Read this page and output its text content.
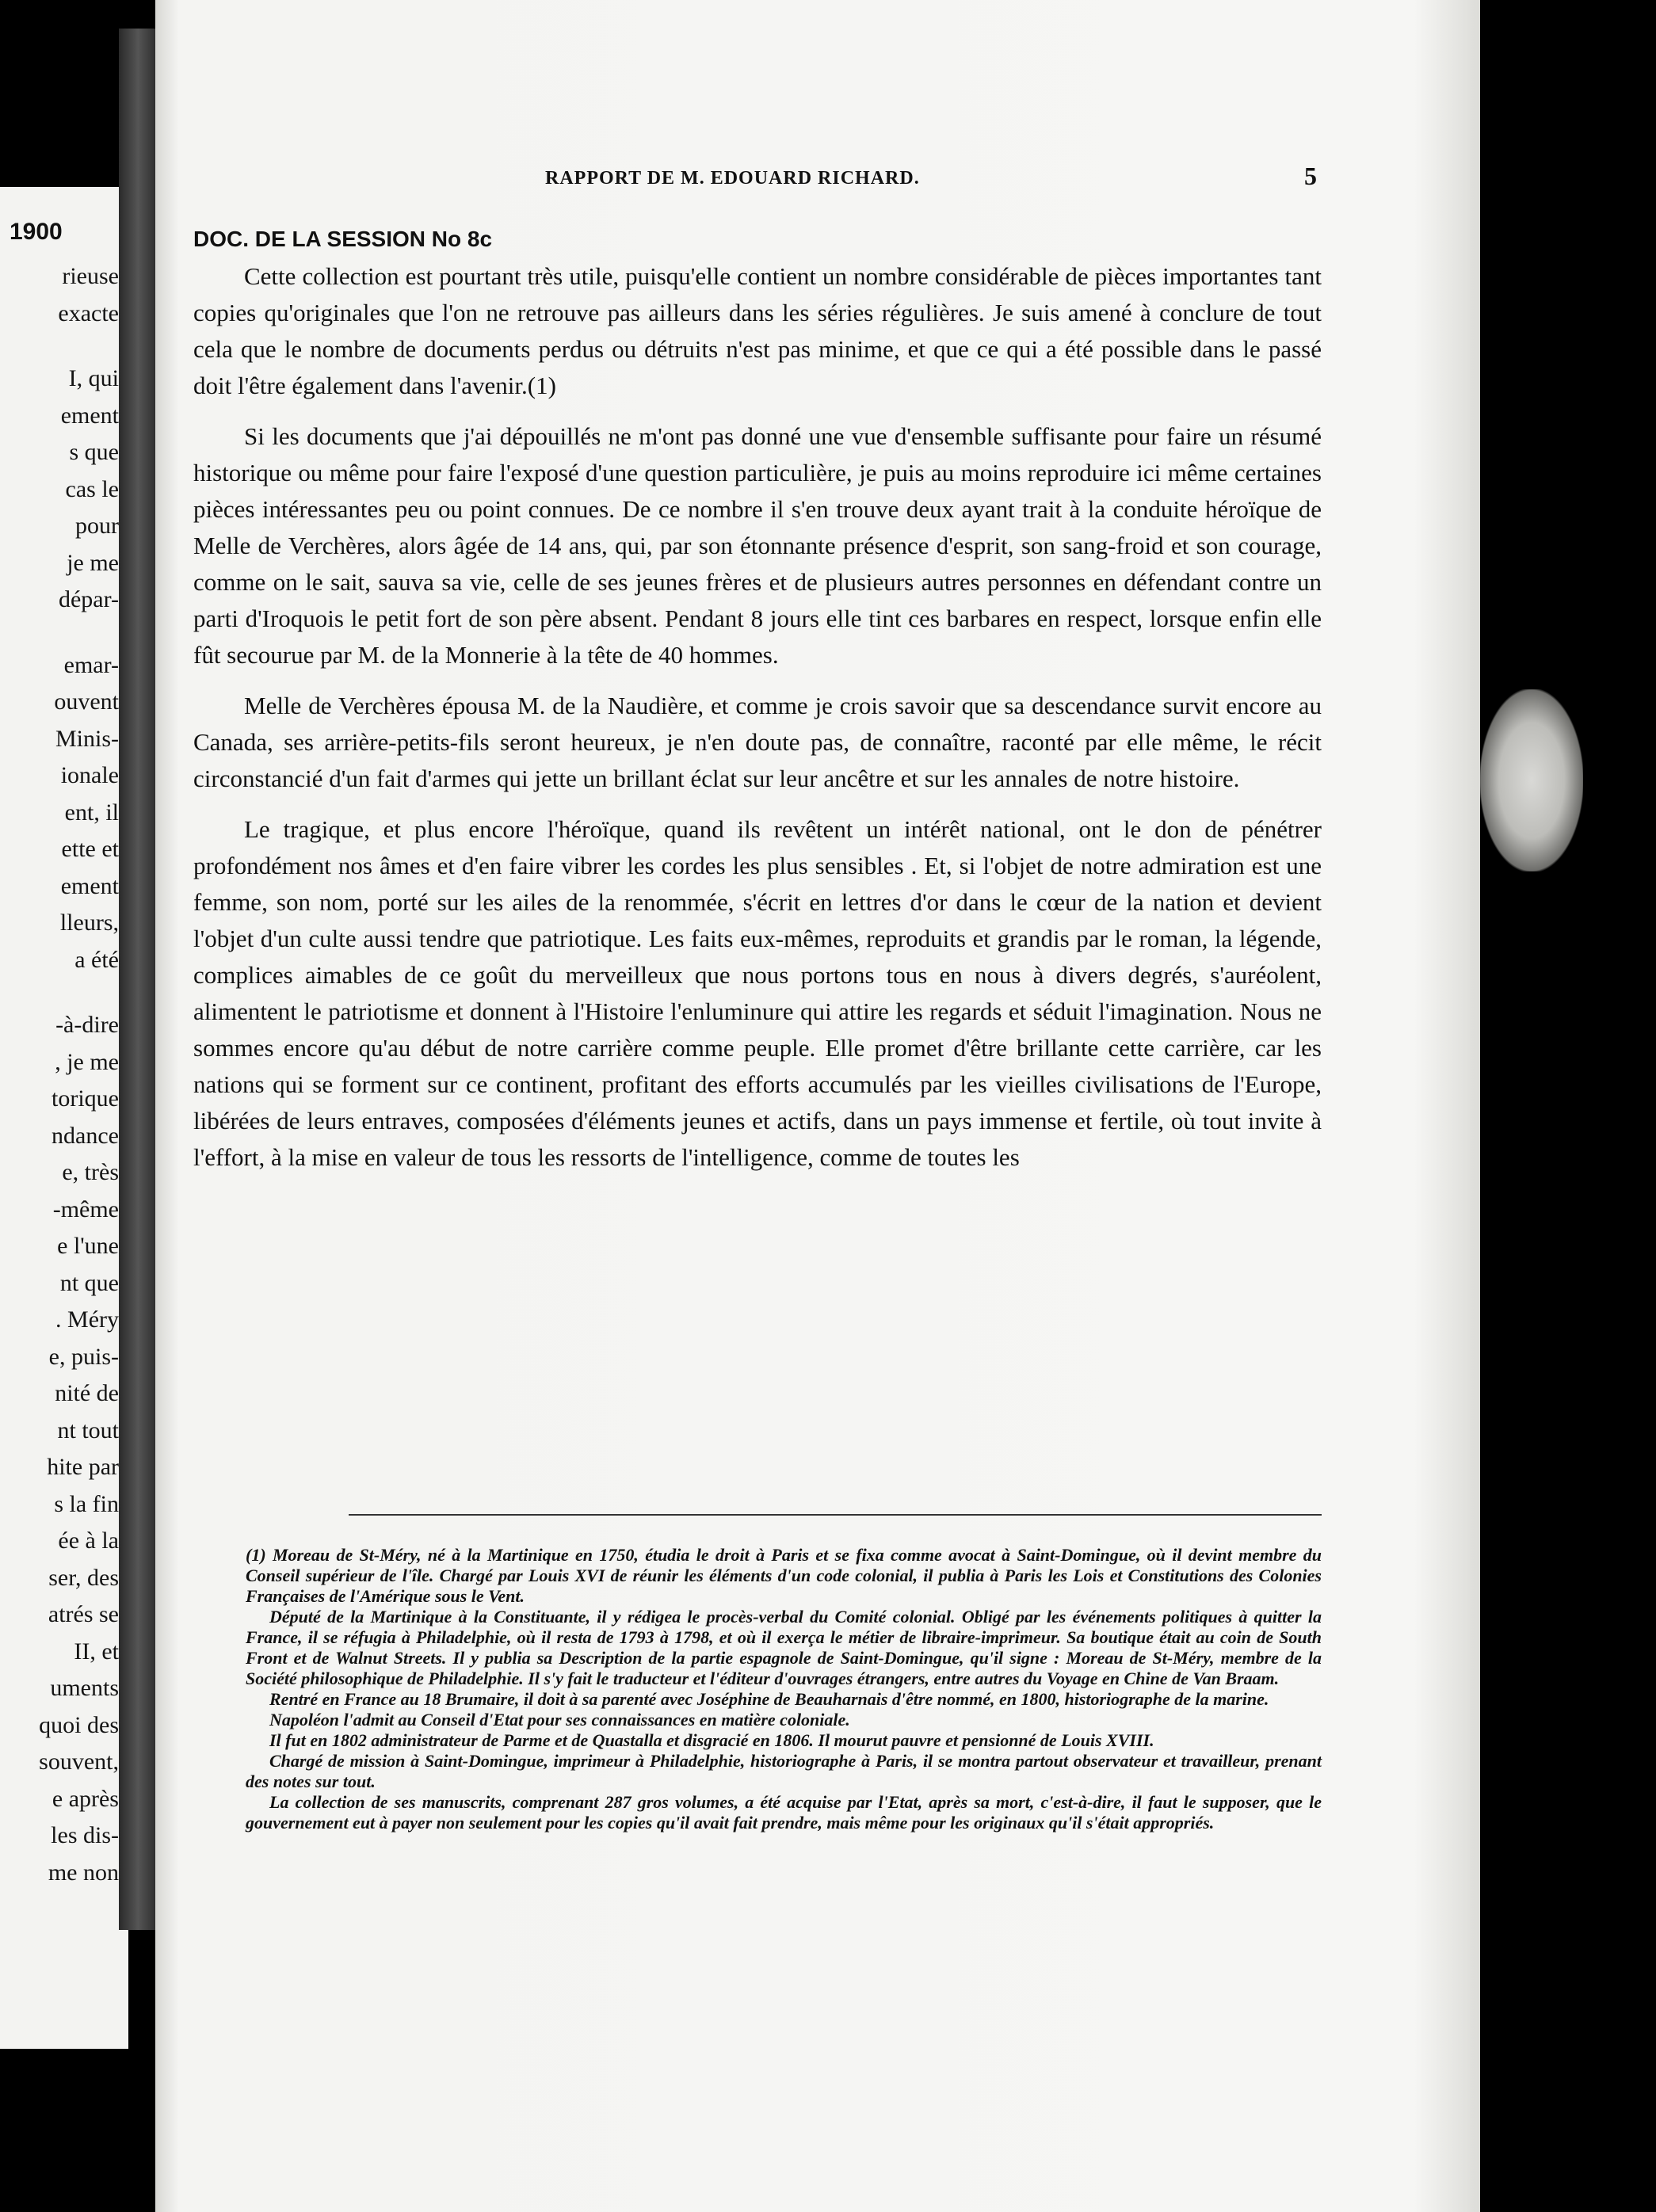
1900
rieuse
exacte
I, qui
ement
s que
cas le
pour
je me
dépar-
emar-
ouvent
Minis-
ionale
ent, il
ette et
ement
lleurs,
a été
-à-dire
, je me
torique
ndance
e, très
-même
e l'une
nt que
. Méry
e, puis-
nité de
nt tout
hite par
s la fin
ée à la
ser, des
atrés se
II, et
uments
quoi des
souvent,
e après
les dis-
me non
RAPPORT DE M. EDOUARD RICHARD.	5
DOC. DE LA SESSION No 8c

Cette collection est pourtant très utile, puisqu'elle contient un nombre considérable de pièces importantes tant copies qu'originales que l'on ne retrouve pas ailleurs dans les séries régulières. Je suis amené à conclure de tout cela que le nombre de documents perdus ou détruits n'est pas minime, et que ce qui a été possible dans le passé doit l'être également dans l'avenir.(1)

Si les documents que j'ai dépouillés ne m'ont pas donné une vue d'ensemble suffisante pour faire un résumé historique ou même pour faire l'exposé d'une question particulière, je puis au moins reproduire ici même certaines pièces intéressantes peu ou point connues. De ce nombre il s'en trouve deux ayant trait à la conduite héroïque de Melle de Verchères, alors âgée de 14 ans, qui, par son étonnante présence d'esprit, son sang-froid et son courage, comme on le sait, sauva sa vie, celle de ses jeunes frères et de plusieurs autres personnes en défendant contre un parti d'Iroquois le petit fort de son père absent. Pendant 8 jours elle tint ces barbares en respect, lorsque enfin elle fût secourue par M. de la Monnerie à la tête de 40 hommes.

Melle de Verchères épousa M. de la Naudière, et comme je crois savoir que sa descendance survit encore au Canada, ses arrière-petits-fils seront heureux, je n'en doute pas, de connaître, raconté par elle même, le récit circonstancié d'un fait d'armes qui jette un brillant éclat sur leur ancêtre et sur les annales de notre histoire.

Le tragique, et plus encore l'héroïque, quand ils revêtent un intérêt national, ont le don de pénétrer profondément nos âmes et d'en faire vibrer les cordes les plus sensibles . Et, si l'objet de notre admiration est une femme, son nom, porté sur les ailes de la renommée, s'écrit en lettres d'or dans le cœur de la nation et devient l'objet d'un culte aussi tendre que patriotique. Les faits eux-mêmes, reproduits et grandis par le roman, la légende, complices aimables de ce goût du merveilleux que nous portons tous en nous à divers degrés, s'auréolent, alimentent le patriotisme et donnent à l'Histoire l'enluminure qui attire les regards et séduit l'imagination. Nous ne sommes encore qu'au début de notre carrière comme peuple. Elle promet d'être brillante cette carrière, car les nations qui se forment sur ce continent, profitant des efforts accumulés par les vieilles civilisations de l'Europe, libérées de leurs entraves, composées d'éléments jeunes et actifs, dans un pays immense et fertile, où tout invite à l'effort, à la mise en valeur de tous les ressorts de l'intelligence, comme de toutes les

(1) Moreau de St-Méry, né à la Martinique en 1750, étudia le droit à Paris et se fixa comme avocat à Saint-Domingue, où il devint membre du Conseil supérieur de l'île. Chargé par Louis XVI de réunir les éléments d'un code colonial, il publia à Paris les Lois et Constitutions des Colonies Françaises de l'Amérique sous le Vent.

Député de la Martinique à la Constituante, il y rédigea le procès-verbal du Comité colonial. Obligé par les événements politiques à quitter la France, il se réfugia à Philadelphie, où il resta de 1793 à 1798, et où il exerça le métier de libraire-imprimeur. Sa boutique était au coin de South Front et de Walnut Streets. Il y publia sa Description de la partie espagnole de Saint-Domingue, qu'il signe : Moreau de St-Méry, membre de la Société philosophique de Philadelphie. Il s'y fait le traducteur et l'éditeur d'ouvrages étrangers, entre autres du Voyage en Chine de Van Braam.

Rentré en France au 18 Brumaire, il doit à sa parenté avec Joséphine de Beauharnais d'être nommé, en 1800, historiographe de la marine.

Napoléon l'admit au Conseil d'Etat pour ses connaissances en matière coloniale.

Il fut en 1802 administrateur de Parme et de Quastalla et disgracié en 1806. Il mourut pauvre et pensionné de Louis XVIII.

Chargé de mission à Saint-Domingue, imprimeur à Philadelphie, historiographe à Paris, il se montra partout observateur et travailleur, prenant des notes sur tout.

La collection de ses manuscrits, comprenant 287 gros volumes, a été acquise par l'Etat, après sa mort, c'est-à-dire, il faut le supposer, que le gouvernement eut à payer non seulement pour les copies qu'il avait fait prendre, mais même pour les originaux qu'il s'était appropriés.
